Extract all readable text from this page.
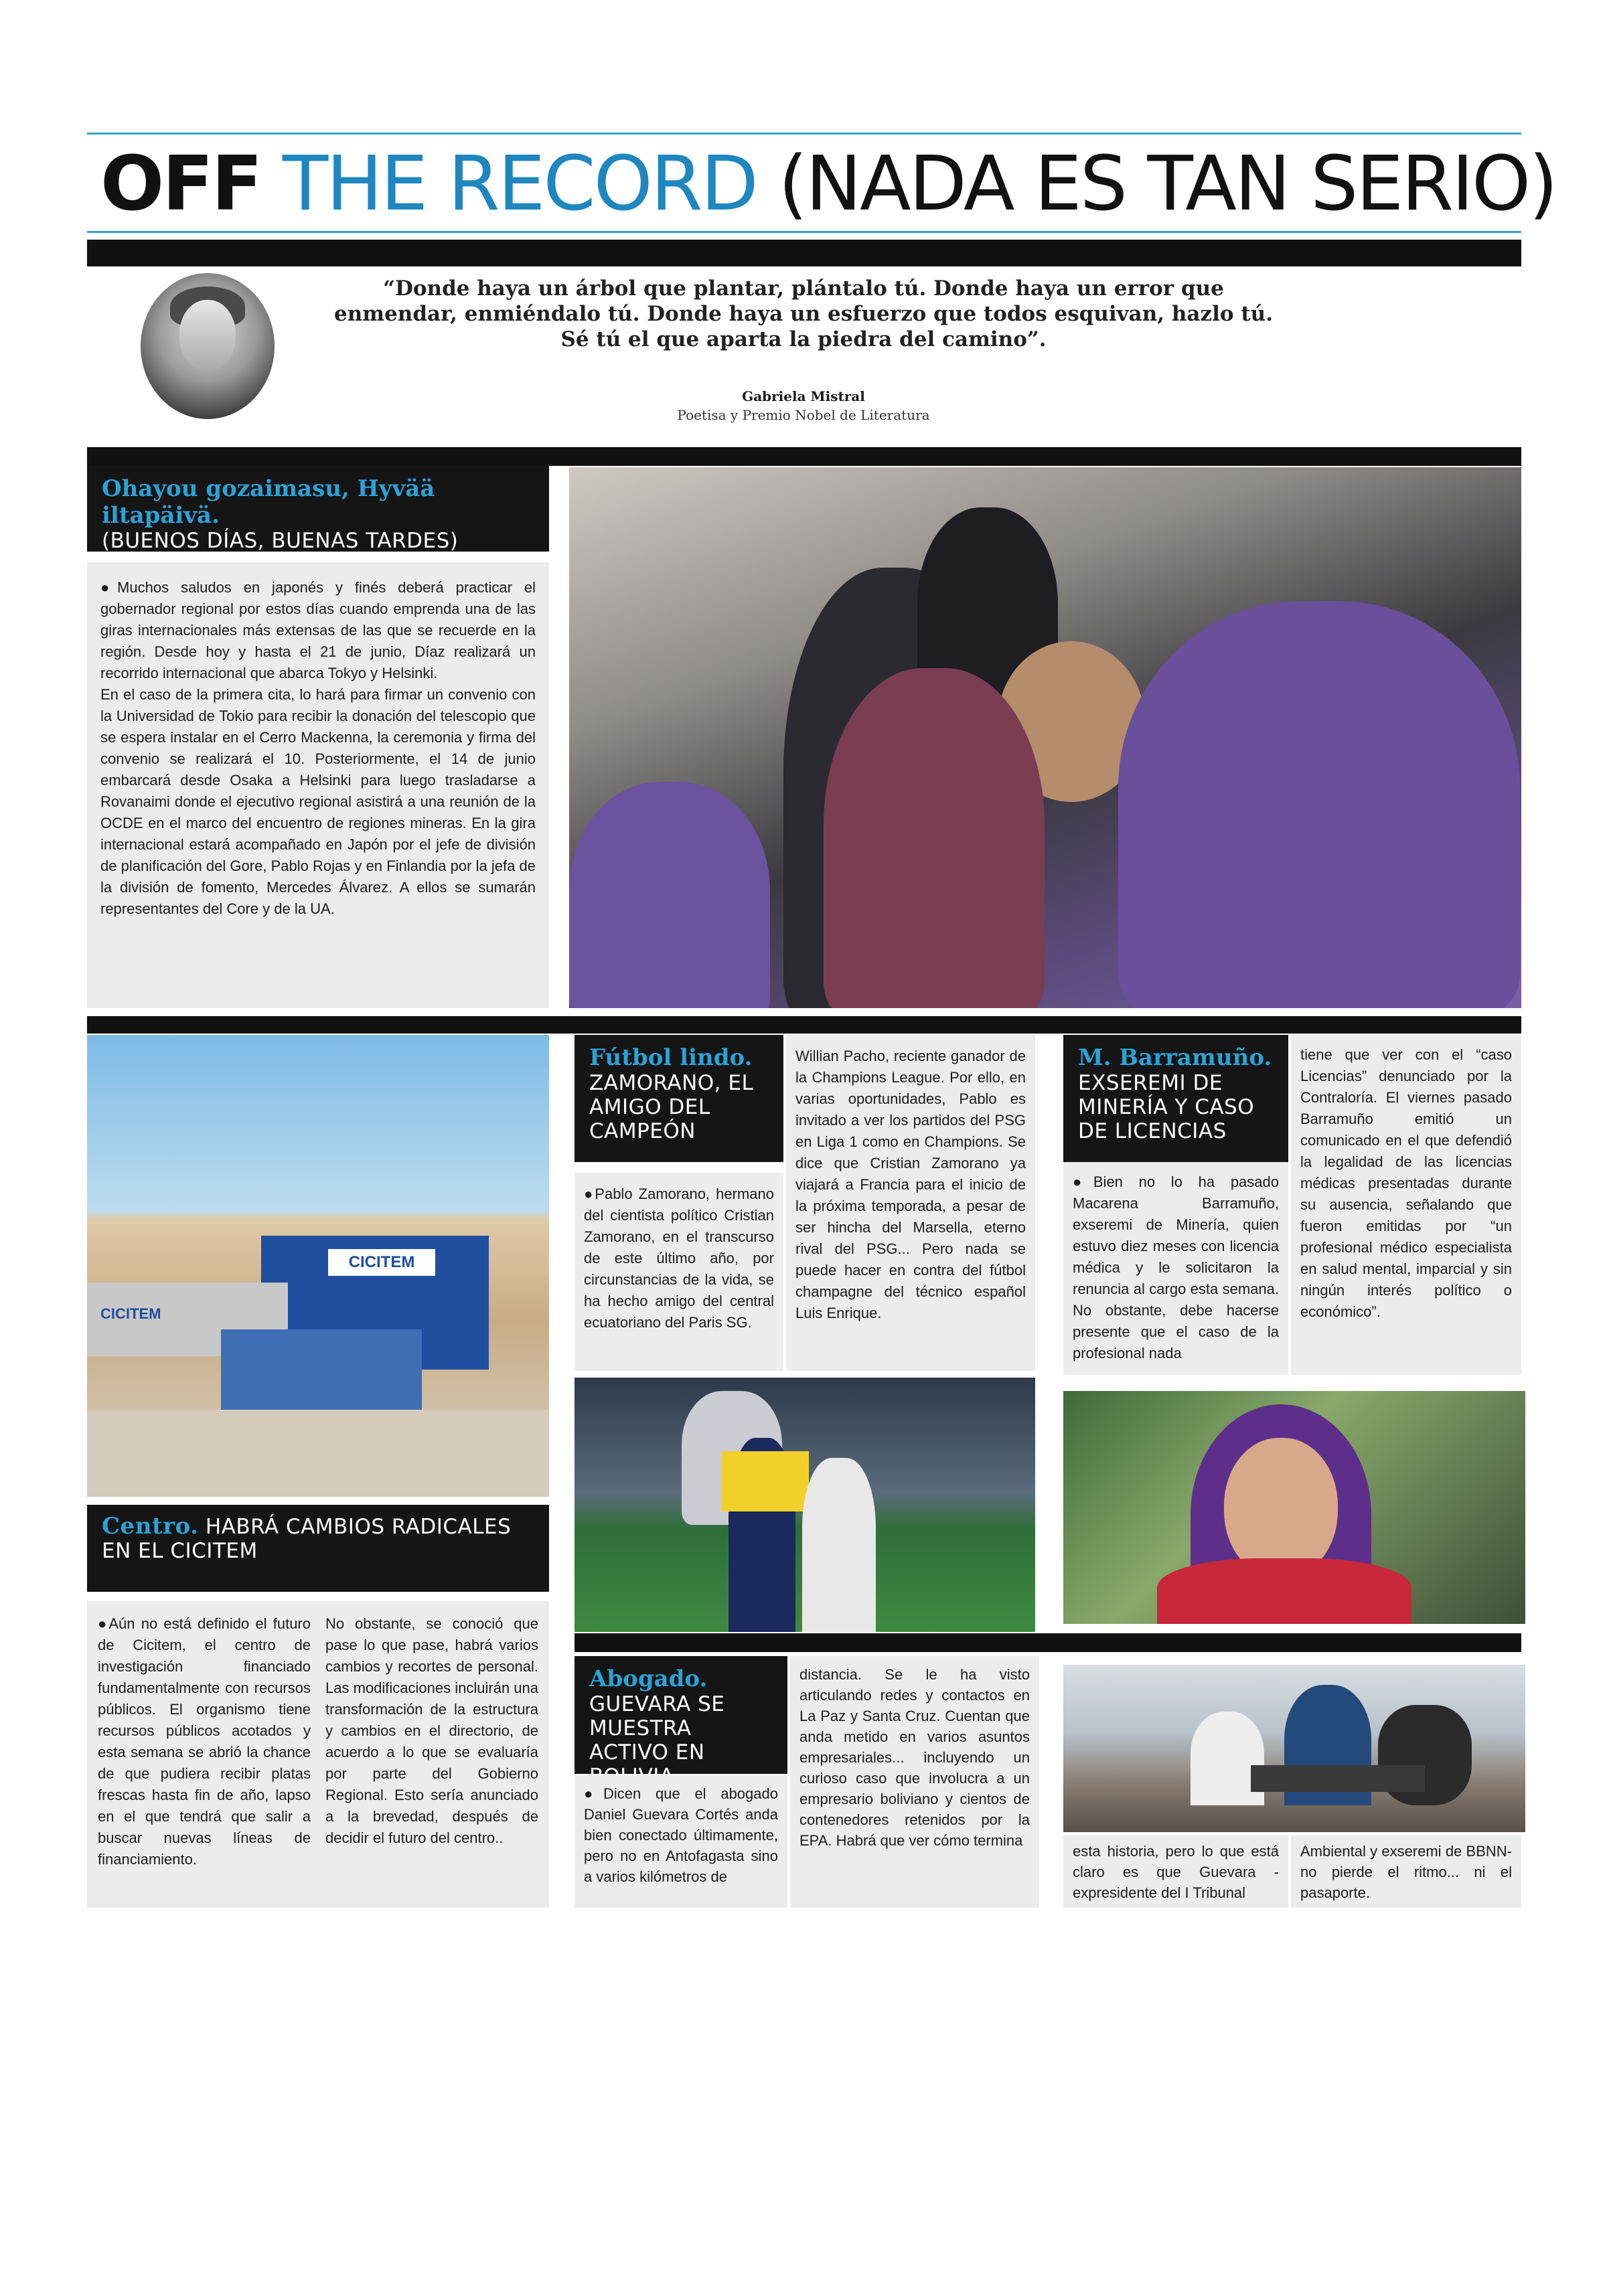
OFF THE RECORD (NADA ES TAN SERIO)
“Donde haya un árbol que plantar, plántalo tú. Donde haya un error que enmendar, enmiéndalo tú. Donde haya un esfuerzo que todos esquivan, hazlo tú. Sé tú el que aparta la piedra del camino”.
Gabriela Mistral
Poetisa y Premio Nobel de Literatura
Ohayou gozaimasu, Hyvää iltapäivä.
(BUENOS DÍAS, BUENAS TARDES)

●Muchos saludos en japonés y finés deberá practicar el gobernador regional por estos días cuando emprenda una de las giras internacionales más extensas de las que se recuerde en la región. Desde hoy y hasta el 21 de junio, Díaz realizará un recorrido internacional que abarca Tokyo y Helsinki.

En el caso de la primera cita, lo hará para firmar un convenio con la Universidad de Tokio para recibir la donación del telescopio que se espera instalar en el Cerro Mackenna, la ceremonia y firma del convenio se realizará el 10. Posteriormente, el 14 de junio embarcará desde Osaka a Helsinki para luego trasladarse a Rovanaimi donde el ejecutivo regional asistirá a una reunión de la OCDE en el marco del encuentro de regiones mineras. En la gira internacional estará acompañado en Japón por el jefe de división de planificación del Gore, Pablo Rojas y en Finlandia por la jefa de la división de fomento, Mercedes Álvarez. A ellos se sumarán representantes del Core y de la UA.

CICITEM
CICITEM
Centro. HABRÁ CAMBIOS RADICALES EN EL CICITEM

●Aún no está definido el futuro de Cicitem, el centro de investigación financiado fundamentalmente con recursos públicos. El organismo tiene recursos públicos acotados y esta semana se abrió la chance de que pudiera recibir platas frescas hasta fin de año, lapso en el que tendrá que salir a buscar nuevas líneas de financiamiento.

No obstante, se conoció que pase lo que pase, habrá varios cambios y recortes de personal. Las modificaciones incluirán una transformación de la estructura y cambios en el directorio, de acuerdo a lo que se evaluaría por parte del Gobierno Regional. Esto sería anunciado a la brevedad, después de decidir el futuro del centro..

Fútbol lindo.
ZAMORANO, EL AMIGO DEL CAMPEÓN

●Pablo Zamorano, hermano del cientista político Cristian Zamorano, en el transcurso de este último año, por circunstancias de la vida, se ha hecho amigo del central ecuatoriano del Paris SG.

Willian Pacho, reciente ganador de la Champions League. Por ello, en varias oportunidades, Pablo es invitado a ver los partidos del PSG en Liga 1 como en Champions. Se dice que Cristian Zamorano ya viajará a Francia para el inicio de la próxima temporada, a pesar de ser hincha del Marsella, eterno rival del PSG... Pero nada se puede hacer en contra del fútbol champagne del técnico español Luis Enrique.

M. Barramuño.
EXSEREMI DE MINERÍA Y CASO DE LICENCIAS

●Bien no lo ha pasado Macarena Barramuño, exseremi de Minería, quien estuvo diez meses con licencia médica y le solicitaron la renuncia al cargo esta semana. No obstante, debe hacerse presente que el caso de la profesional nada

tiene que ver con el “caso Licencias” denunciado por la Contraloría. El viernes pasado Barramuño emitió un comunicado en el que defendió la legalidad de las licencias médicas presentadas durante su ausencia, señalando que fueron emitidas por “un profesional médico especialista en salud mental, imparcial y sin ningún interés político o económico”.

Abogado.
GUEVARA SE MUESTRA ACTIVO EN

●Dicen que el abogado Daniel Guevara Cortés anda bien conectado últimamente, pero no en Antofagasta sino a varios kilómetros de

distancia. Se le ha visto articulando redes y contactos en La Paz y Santa Cruz. Cuentan que anda metido en varios asuntos empresariales... incluyendo un curioso caso que involucra a un empresario boliviano y cientos de contenedores retenidos por la EPA. Habrá que ver cómo termina

esta historia, pero lo que está claro es que Guevara -expresidente del I Tribunal

Ambiental y exseremi de BBNN- no pierde el ritmo... ni el pasaporte.
